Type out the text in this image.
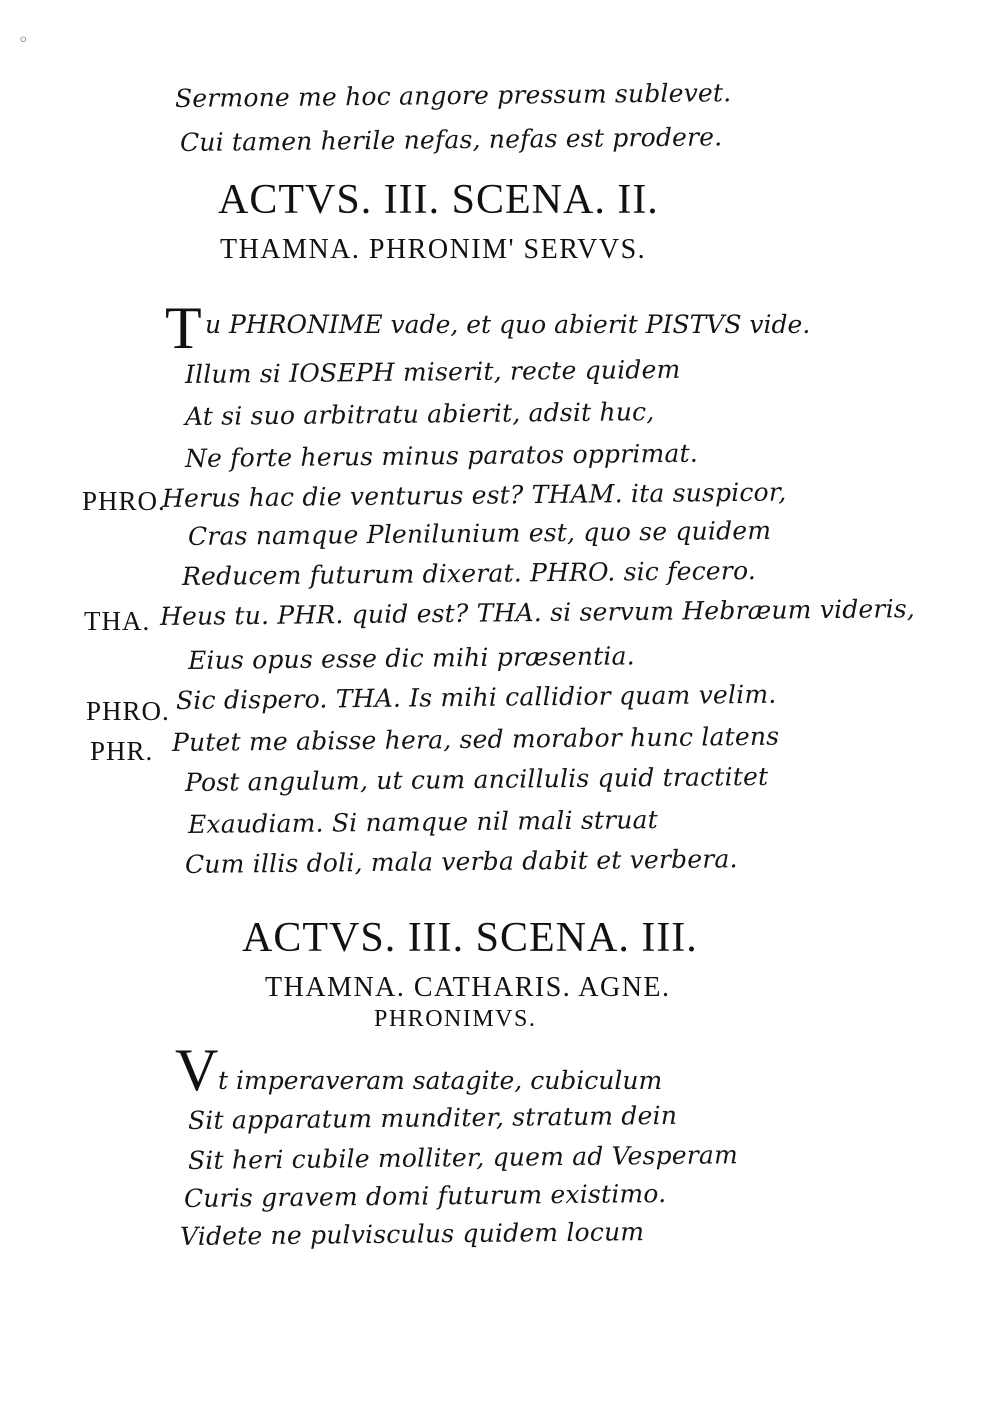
◦
Sermone me hoc angore pressum sublevet.
Cui tamen herile nefas, nefas est prodere.
ACTVS. III. SCENA. II.
THAMNA. PHRONIM' SERVVS.
T u PHRONIME vade, et quo abierit PISTVS vide.
Illum si IOSEPH miserit, recte quidem
At si suo arbitratu abierit, adsit huc,
Ne forte herus minus paratos opprimat.
PHRO.
Herus hac die venturus est? THAM. ita suspicor,
Cras namque Plenilunium est, quo se quidem
Reducem futurum dixerat. PHRO. sic fecero.
THA. Heus tu. PHR. quid est? THA. si servum Hebræum videris,
Eius opus esse dic mihi præsentia.
PHRO. Sic dispero. THA. Is mihi callidior quam velim.
PHR. Putet me abisse hera, sed morabor hunc latens
Post angulum, ut cum ancillulis quid tractitet
Exaudiam. Si namque nil mali struat
Cum illis doli, mala verba dabit et verbera.
ACTVS. III. SCENA. III.
THAMNA. CATHARIS. AGNE.
PHRONIMVS.
V t imperaveram satagite, cubiculum
Sit apparatum munditer, stratum dein
Sit heri cubile molliter, quem ad Vesperam
Curis gravem domi futurum existimo.
Videte ne pulvisculus quidem locum
